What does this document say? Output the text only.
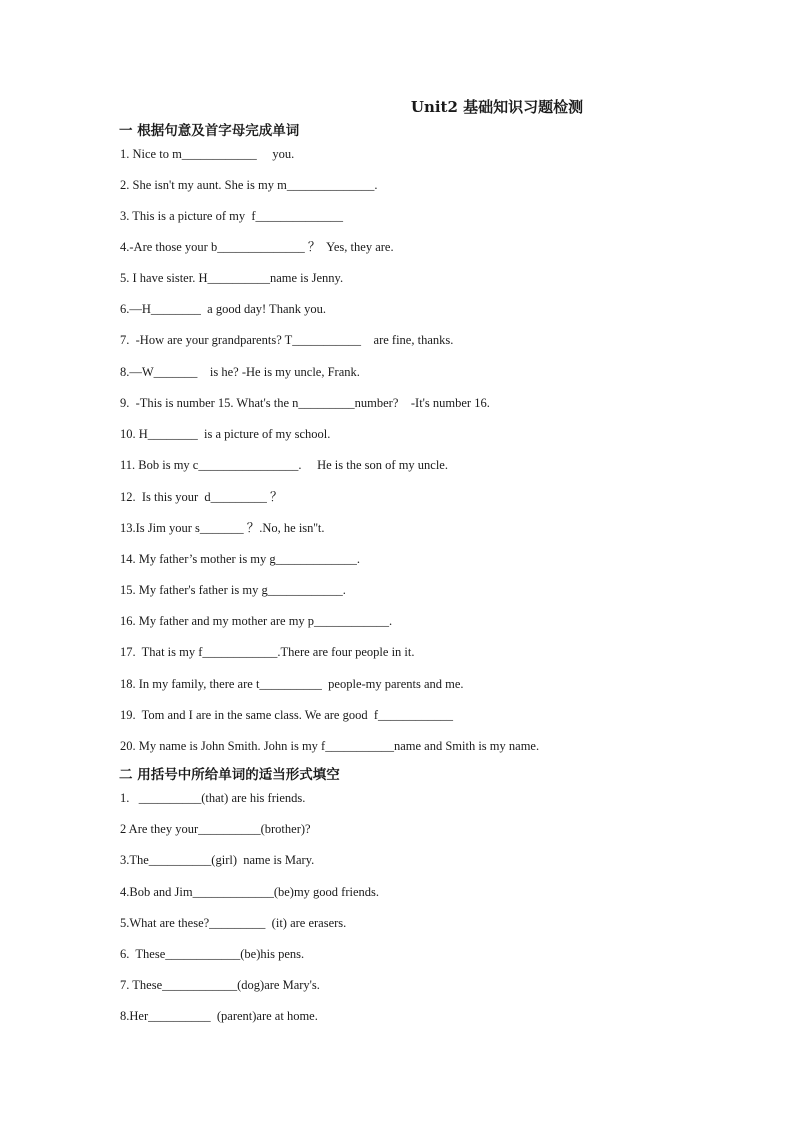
Unit2 基础知识习题检测
一 根据句意及首字母完成单词
1. Nice to m____________     you.
2. She isn't my aunt. She is my m______________.
3. This is a picture of my  f______________
4.-Are those your b______________ ？  Yes, they are.
5. I have sister. H__________name is Jenny.
6.—H________  a good day! Thank you.
7.  -How are your grandparents? T___________    are fine, thanks.
8.—W_______    is he? -He is my uncle, Frank.
9.  -This is number 15. What's the n_________number?    -It's number 16.
10. H________  is a picture of my school.
11. Bob is my c________________.     He is the son of my uncle.
12.  Is this your  d_________ ？
13.Is Jim your s_______ ？.No, he isn''t.
14. My father’s mother is my g_____________.
15. My father's father is my g____________.
16. My father and my mother are my p____________.
17.  That is my f____________.There are four people in it.
18. In my family, there are t__________  people-my parents and me.
19.  Tom and I are in the same class. We are good  f____________
20. My name is John Smith. John is my f___________name and Smith is my name.
二 用括号中所给单词的适当形式填空
1.   __________(that) are his friends.
2 Are they your__________(brother)?
3.The__________(girl)  name is Mary.
4.Bob and Jim_____________(be)my good friends.
5.What are these?_________  (it) are erasers.
6.  These____________(be)his pens.
7. These____________(dog)are Mary's.
8.Her__________  (parent)are at home.
